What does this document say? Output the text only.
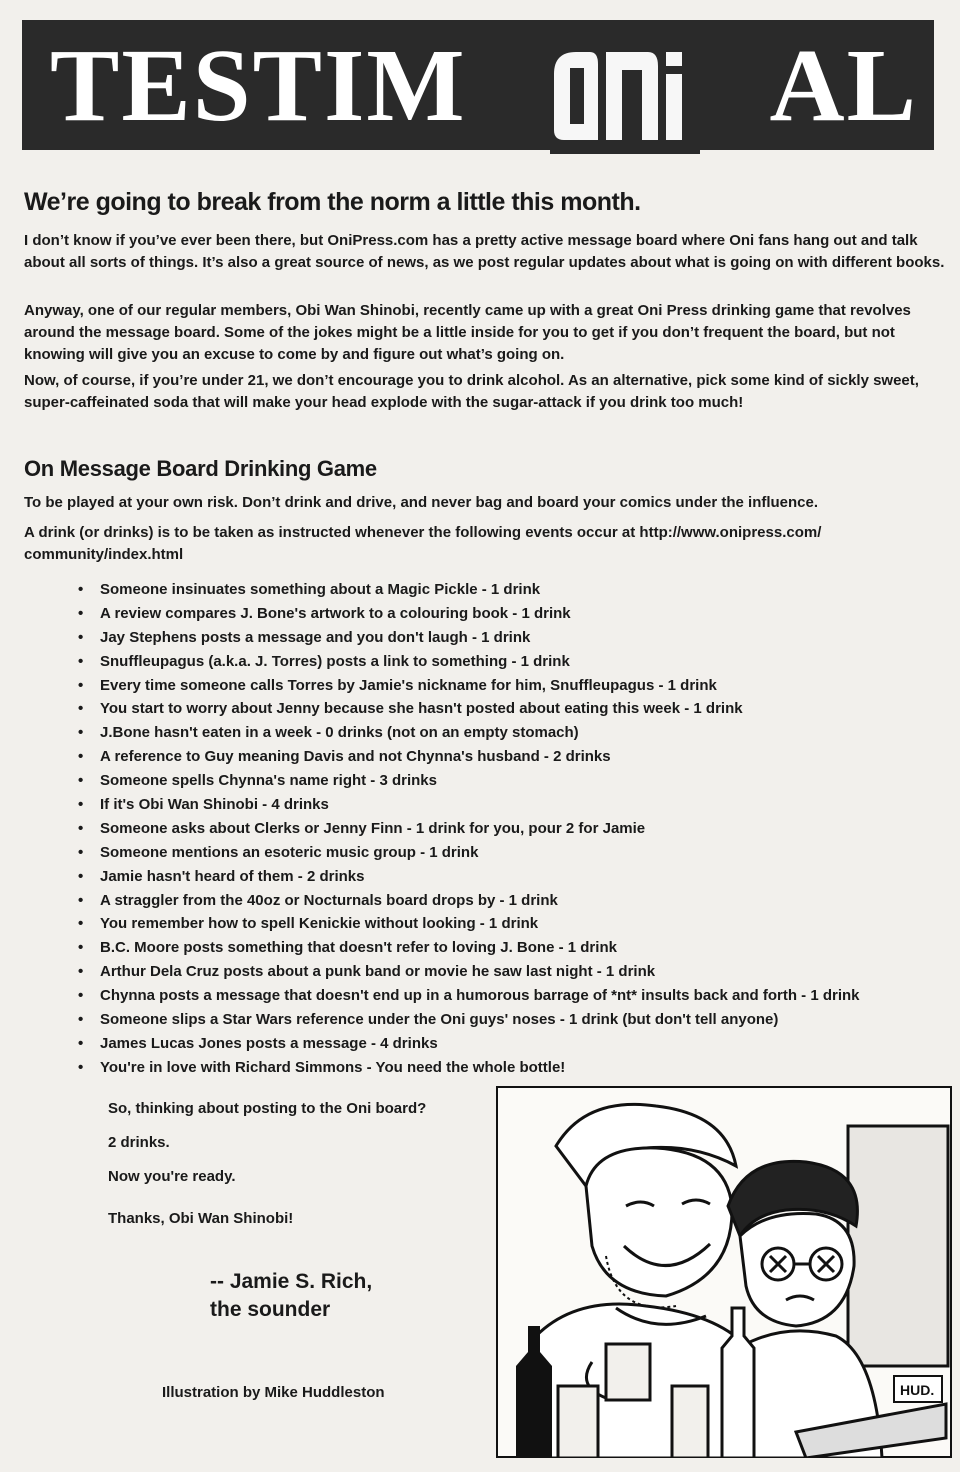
TESTIM	AL
We’re going to break from the norm a little this month.

I don’t know if you’ve ever been there, but OniPress.com has a pretty active message board where Oni fans hang out and talk about all sorts of things. It’s also a great source of news, as we post regular updates about what is going on with different books.

Anyway, one of our regular members, Obi Wan Shinobi, recently came up with a great Oni Press drinking game that revolves around the message board. Some of the jokes might be a little inside for you to get if you don’t frequent the board, but not knowing will give you an excuse to come by and figure out what’s going on.

Now, of course, if you’re under 21, we don’t encourage you to drink alcohol. As an alternative, pick some kind of sickly sweet, super-caffeinated soda that will make your head explode with the sugar-attack if you drink too much!

On Message Board Drinking Game

To be played at your own risk. Don’t drink and drive, and never bag and board your comics under the influence.

A drink (or drinks) is to be taken as instructed whenever the following events occur at http://www.onipress.com/ community/index.html

• Someone insinuates something about a Magic Pickle - 1 drink
• A review compares J. Bone's artwork to a colouring book - 1 drink
• Jay Stephens posts a message and you don't laugh - 1 drink
• Snuffleupagus (a.k.a. J. Torres) posts a link to something - 1 drink
• Every time someone calls Torres by Jamie's nickname for him, Snuffleupagus - 1 drink
• You start to worry about Jenny because she hasn't posted about eating this week - 1 drink
• J.Bone hasn't eaten in a week - 0 drinks (not on an empty stomach)
• A reference to Guy meaning Davis and not Chynna's husband - 2 drinks
• Someone spells Chynna's name right - 3 drinks
• If it's Obi Wan Shinobi - 4 drinks
• Someone asks about Clerks or Jenny Finn - 1 drink for you, pour 2 for Jamie
• Someone mentions an esoteric music group - 1 drink
• Jamie hasn't heard of them - 2 drinks
• A straggler from the 40oz or Nocturnals board drops by - 1 drink
• You remember how to spell Kenickie without looking - 1 drink
• B.C. Moore posts something that doesn't refer to loving J. Bone - 1 drink
• Arthur Dela Cruz posts about a punk band or movie he saw last night - 1 drink
• Chynna posts a message that doesn't end up in a humorous barrage of *nt* insults back and forth - 1 drink
• Someone slips a Star Wars reference under the Oni guys' noses - 1 drink (but don't tell anyone)
• James Lucas Jones posts a message - 4 drinks
• You're in love with Richard Simmons - You need the whole bottle!

So, thinking about posting to the Oni board?

2 drinks.

Now you're ready.

Thanks, Obi Wan Shinobi!

-- Jamie S. Rich,

the sounder

Illustration by Mike Huddleston	HUD.
